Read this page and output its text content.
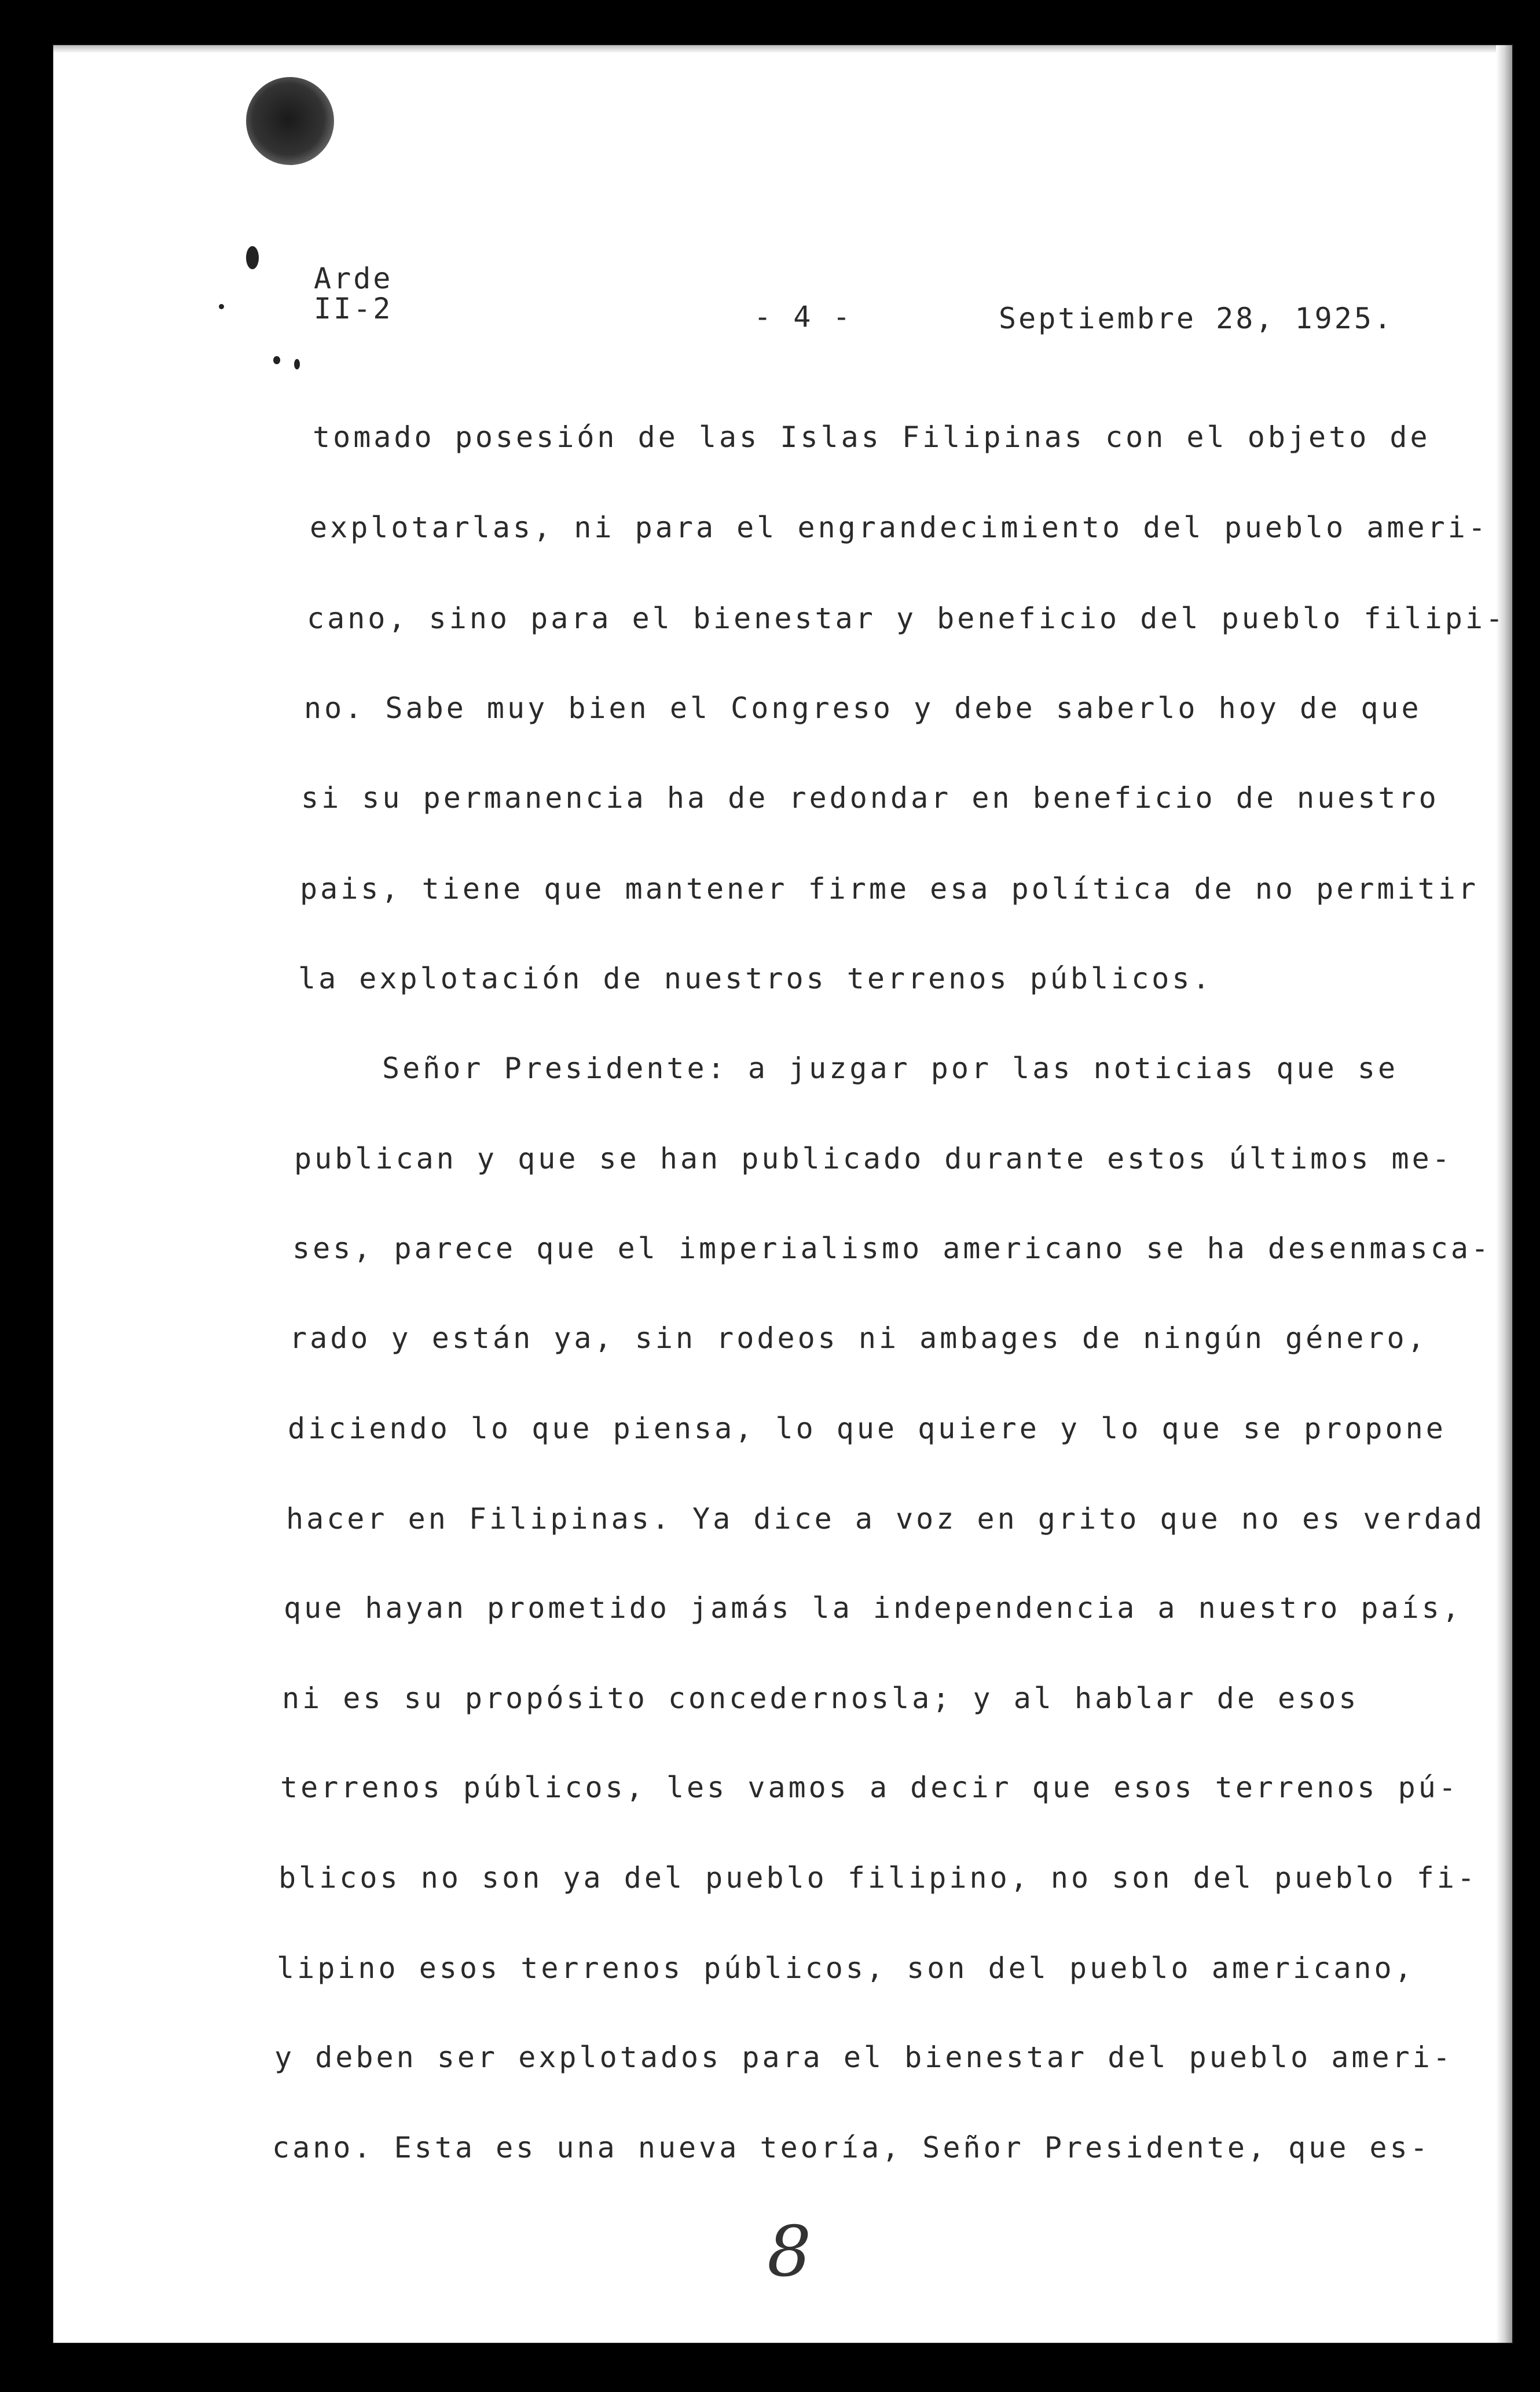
Arde
II-2	- 4 -	Septiembre 28, 1925.
tomado posesión de las Islas Filipinas con el objeto de
explotarlas, ni para el engrandecimiento del pueblo ameri-
cano, sino para el bienestar y beneficio del pueblo filipi-
no. Sabe muy bien el Congreso y debe saberlo hoy de que
si su permanencia ha de redondar en beneficio de nuestro
pais, tiene que mantener firme esa política de no permitir
la explotación de nuestros terrenos públicos.
Señor Presidente: a juzgar por las noticias que se
publican y que se han publicado durante estos últimos me-
ses, parece que el imperialismo americano se ha desenmasca-
rado y están ya, sin rodeos ni ambages de ningún género,
diciendo lo que piensa, lo que quiere y lo que se propone
hacer en Filipinas. Ya dice a voz en grito que no es verdad
que hayan prometido jamás la independencia a nuestro país,
ni es su propósito concedernosla; y al hablar de esos
terrenos públicos, les vamos a decir que esos terrenos pú-
blicos no son ya del pueblo filipino, no son del pueblo fi-
lipino esos terrenos públicos, son del pueblo americano,
y deben ser explotados para el bienestar del pueblo ameri-
cano. Esta es una nueva teoría, Señor Presidente, que es-
8
